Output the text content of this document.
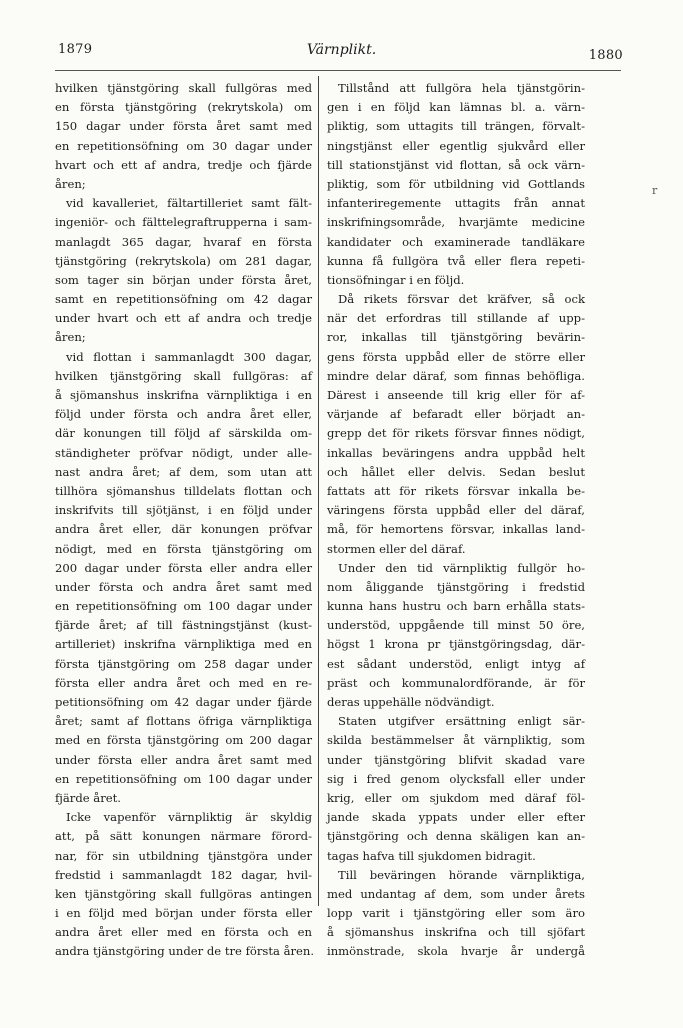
1879	Värnplikt.	1880
hvilken tjänstgöring skall fullgöras med
en första tjänstgöring (rekrytskola) om
150 dagar under första året samt med
en repetitionsöfning om 30 dagar under
hvart och ett af andra, tredje och fjärde
åren;
vid kavalleriet, fältartilleriet samt fält-
ingeniör- och fälttelegraftrupperna i sam-
manlagdt 365 dagar, hvaraf en första
tjänstgöring (rekrytskola) om 281 dagar,
som tager sin början under första året,
samt en repetitionsöfning om 42 dagar
under hvart och ett af andra och tredje
åren;
vid flottan i sammanlagdt 300 dagar,
hvilken tjänstgöring skall fullgöras: af
å sjömanshus inskrifna värnpliktiga i en
följd under första och andra året eller,
där konungen till följd af särskilda om-
ständigheter pröfvar nödigt, under alle-
nast andra året; af dem, som utan att
tillhöra sjömanshus tilldelats flottan och
inskrifvits till sjötjänst, i en följd under
andra året eller, där konungen pröfvar
nödigt, med en första tjänstgöring om
200 dagar under första eller andra eller
under första och andra året samt med
en repetitionsöfning om 100 dagar under
fjärde året; af till fästningstjänst (kust-
artilleriet) inskrifna värnpliktiga med en
första tjänstgöring om 258 dagar under
första eller andra året och med en re-
petitionsöfning om 42 dagar under fjärde
året; samt af flottans öfriga värnpliktiga
med en första tjänstgöring om 200 dagar
under första eller andra året samt med
en repetitionsöfning om 100 dagar under
fjärde året.
Icke vapenför värnpliktig är skyldig
att, på sätt konungen närmare förord-
nar, för sin utbildning tjänstgöra under
fredstid i sammanlagdt 182 dagar, hvil-
ken tjänstgöring skall fullgöras antingen
i en följd med början under första eller
andra året eller med en första och en
andra tjänstgöring under de tre första åren.
Tillstånd att fullgöra hela tjänstgörin-
gen i en följd kan lämnas bl. a. värn-
pliktig, som uttagits till trängen, förvalt-
ningstjänst eller egentlig sjukvård eller
till stationstjänst vid flottan, så ock värn-
pliktig, som för utbildning vid Gottlands
infanteriregemente uttagits från annat
inskrifningsområde, hvarjämte medicine
kandidater och examinerade tandläkare
kunna få fullgöra två eller flera repeti-
tionsöfningar i en följd.
Då rikets försvar det kräfver, så ock
när det erfordras till stillande af upp-
ror, inkallas till tjänstgöring bevärin-
gens första uppbåd eller de större eller
mindre delar däraf, som finnas behöfliga.
Därest i anseende till krig eller för af-
värjande af befaradt eller börjadt an-
grepp det för rikets försvar finnes nödigt,
inkallas beväringens andra uppbåd helt
och hållet eller delvis. Sedan beslut
fattats att för rikets försvar inkalla be-
väringens första uppbåd eller del däraf,
må, för hemortens försvar, inkallas land-
stormen eller del däraf.
Under den tid värnpliktig fullgör ho-
nom åliggande tjänstgöring i fredstid
kunna hans hustru och barn erhålla stats-
understöd, uppgående till minst 50 öre,
högst 1 krona pr tjänstgöringsdag, där-
est sådant understöd, enligt intyg af
präst och kommunalordförande, är för
deras uppehälle nödvändigt.
Staten utgifver ersättning enligt sär-
skilda bestämmelser åt värnpliktig, som
under tjänstgöring blifvit skadad vare
sig i fred genom olycksfall eller under
krig, eller om sjukdom med däraf föl-
jande skada yppats under eller efter
tjänstgöring och denna skäligen kan an-
tagas hafva till sjukdomen bidragit.
Till beväringen hörande värnpliktiga,
med undantag af dem, som under årets
lopp varit i tjänstgöring eller som äro
å sjömanshus inskrifna och till sjöfart
inmönstrade, skola hvarje år undergå
r
